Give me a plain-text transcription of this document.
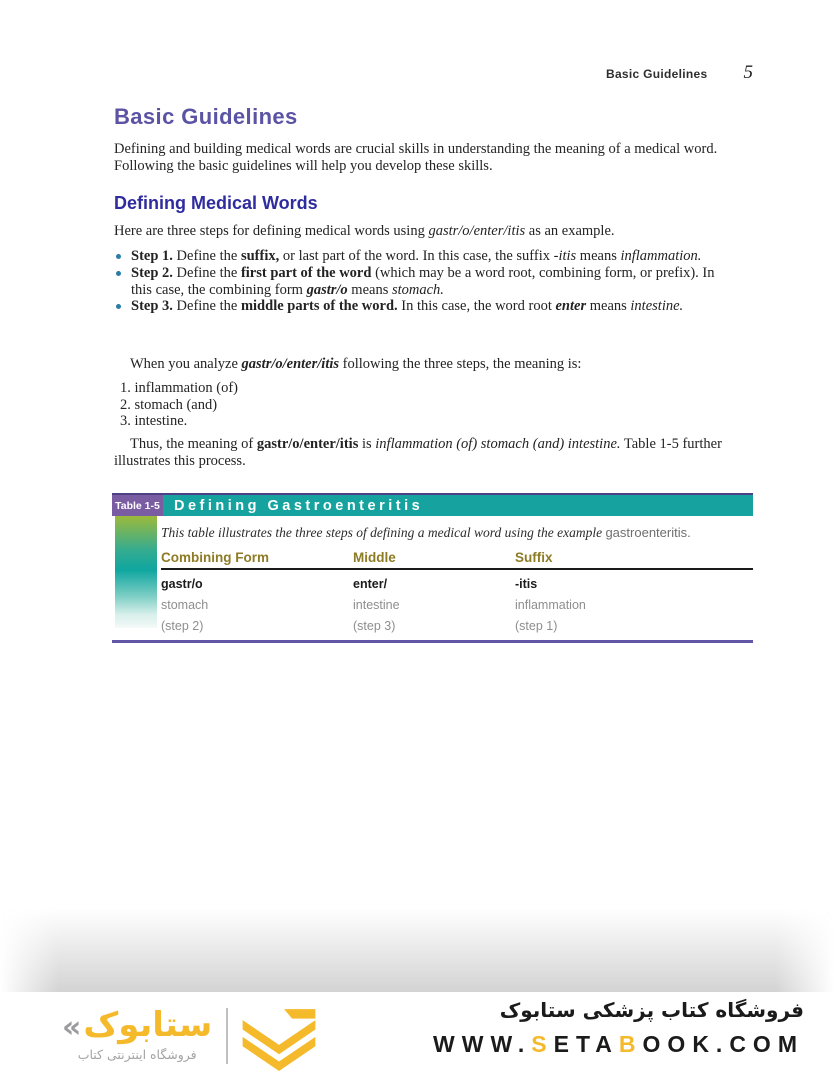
Basic Guidelines 5
Basic Guidelines

Defining and building medical words are crucial skills in understanding the meaning of a medical word. Following the basic guidelines will help you develop these skills.

Defining Medical Words

Here are three steps for defining medical words using gastr/o/enter/itis as an example.

Step 1. Define the suffix, or last part of the word. In this case, the suffix -itis means inflammation.
Step 2. Define the first part of the word (which may be a word root, combining form, or prefix). In this case, the combining form gastr/o means stomach.
Step 3. Define the middle parts of the word. In this case, the word root enter means intestine.

When you analyze gastr/o/enter/itis following the three steps, the meaning is:

1. inflammation (of)
2. stomach (and)
3. intestine.

Thus, the meaning of gastr/o/enter/itis is inflammation (of) stomach (and) intestine. Table 1-5 further illustrates this process.

Table 1-5 Defining Gastroenteritis

This table illustrates the three steps of defining a medical word using the example gastroenteritis.

Combining Form	Middle	Suffix
gastr/o	enter/	-itis
stomach	intestine	inflammation
(step 2)	(step 3)	(step 1)
« ستابوک
فروشگاه اینترنتی کتاب
فروشگاه کتاب پزشکی ستابوک
WWW.SETABOOK.COM
